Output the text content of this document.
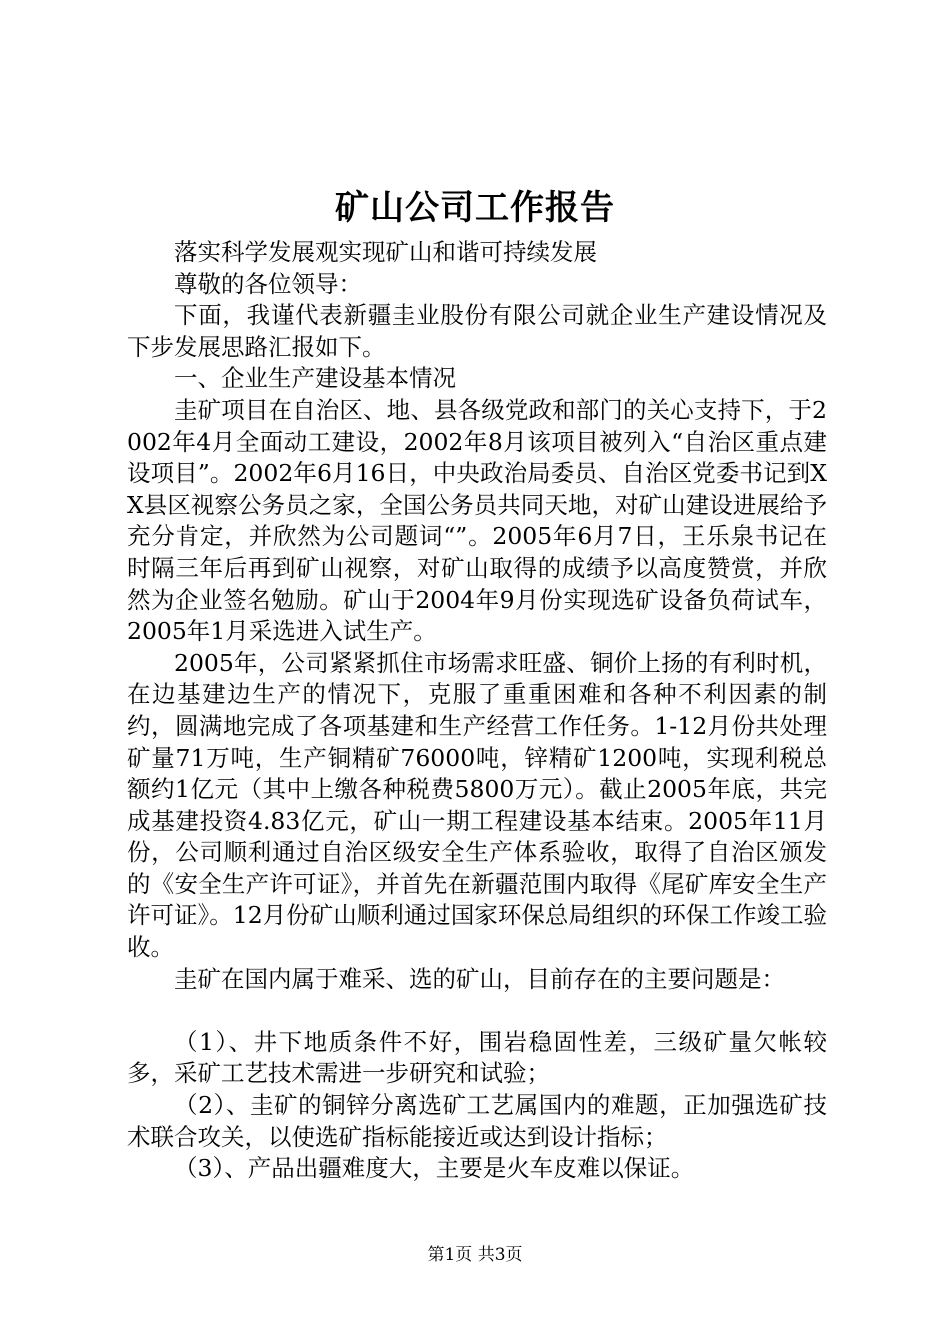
矿山公司工作报告

落实科学发展观实现矿山和谐可持续发展

尊敬的各位领导：

下面，我谨代表新疆圭业股份有限公司就企业生产建设情况及下步发展思路汇报如下。

一、企业生产建设基本情况

圭矿项目在自治区、地、县各级党政和部门的关心支持下，于2002年4月全面动工建设，2002年8月该项目被列入“自治区重点建设项目”。2002年6月16日，中央政治局委员、自治区党委书记到XX县区视察公务员之家，全国公务员共同天地，对矿山建设进展给予充分肯定，并欣然为公司题词“”。2005年6月7日，王乐泉书记在时隔三年后再到矿山视察，对矿山取得的成绩予以高度赞赏，并欣然为企业签名勉励。矿山于2004年9月份实现选矿设备负荷试车，2005年1月采选进入试生产。

2005年，公司紧紧抓住市场需求旺盛、铜价上扬的有利时机，在边基建边生产的情况下，克服了重重困难和各种不利因素的制约，圆满地完成了各项基建和生产经营工作任务。1-12月份共处理矿量71万吨，生产铜精矿76000吨，锌精矿1200吨，实现利税总额约1亿元（其中上缴各种税费5800万元）。截止2005年底，共完成基建投资4.83亿元，矿山一期工程建设基本结束。2005年11月份，公司顺利通过自治区级安全生产体系验收，取得了自治区颁发的《安全生产许可证》，并首先在新疆范围内取得《尾矿库安全生产许可证》。12月份矿山顺利通过国家环保总局组织的环保工作竣工验收。

圭矿在国内属于难采、选的矿山，目前存在的主要问题是：

（1）、井下地质条件不好，围岩稳固性差，三级矿量欠帐较多，采矿工艺技术需进一步研究和试验；

（2）、圭矿的铜锌分离选矿工艺属国内的难题，正加强选矿技术联合攻关，以使选矿指标能接近或达到设计指标；

（3）、产品出疆难度大，主要是火车皮难以保证。

第1页 共3页
